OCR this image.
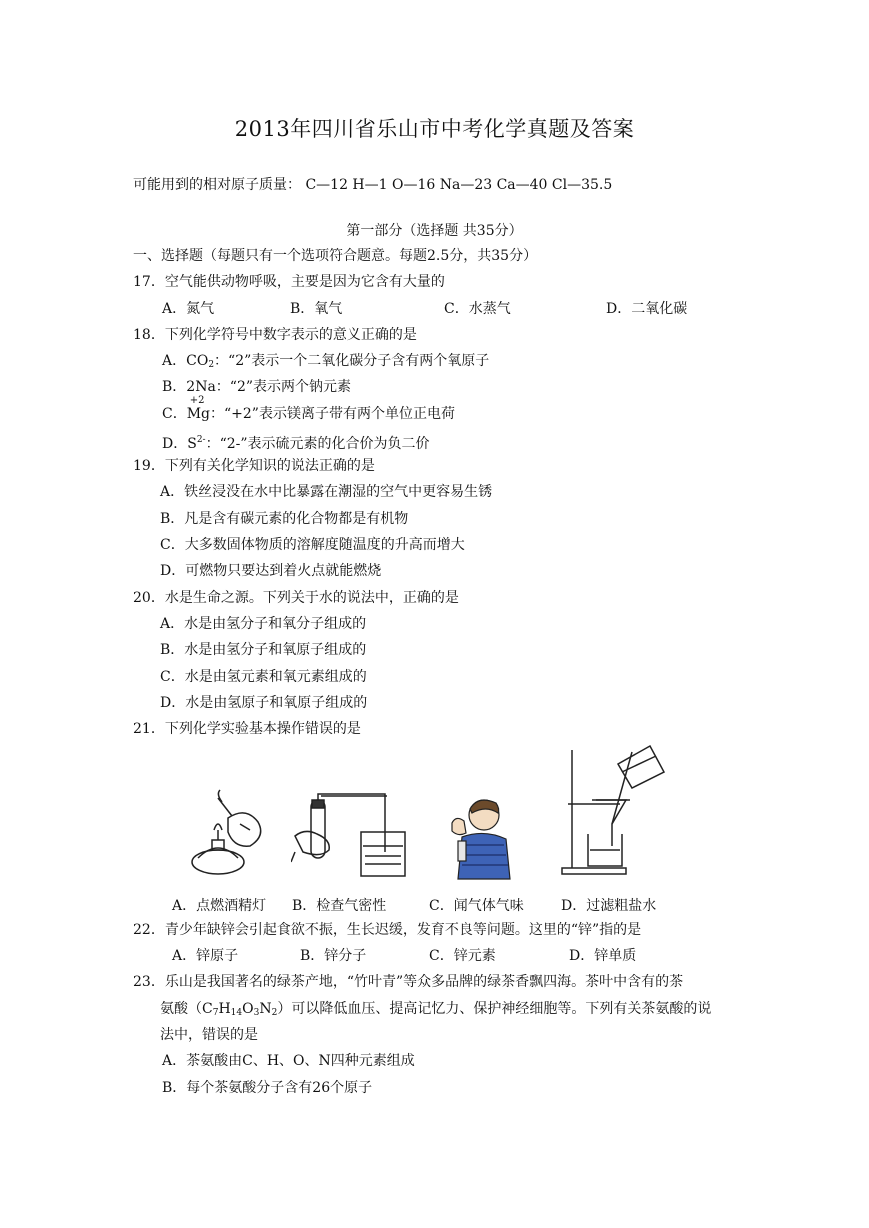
2013年四川省乐山市中考化学真题及答案
可能用到的相对原子质量： C—12 H—1 O—16 Na—23 Ca—40 Cl—35.5
第一部分（选择题 共35分）
一、选择题（每题只有一个选项符合题意。每题2.5分，共35分）
17．空气能供动物呼吸，主要是因为它含有大量的
A．氮气	B．氧气	C．水蒸气	D．二氧化碳
18．下列化学符号中数字表示的意义正确的是
A．$CO_2$：“2”表示一个二氧化碳分子含有两个氧原子
B．2Na：“2”表示两个钠元素
C．
+2
Mg：“+2”表示镁离子带有两个单位正电荷
D．$S^{2-}$：“2-”表示硫元素的化合价为负二价
19．下列有关化学知识的说法正确的是
A．铁丝浸没在水中比暴露在潮湿的空气中更容易生锈
B．凡是含有碳元素的化合物都是有机物
C．大多数固体物质的溶解度随温度的升高而增大
D．可燃物只要达到着火点就能燃烧
20．水是生命之源。下列关于水的说法中，正确的是
A．水是由氢分子和氧分子组成的
B．水是由氢分子和氧原子组成的
C．水是由氢元素和氧元素组成的
D．水是由氢原子和氧原子组成的
21．下列化学实验基本操作错误的是
A．点燃酒精灯 B．检查气密性	C．闻气体气味	D．过滤粗盐水
22．青少年缺锌会引起食欲不振，生长迟缓，发育不良等问题。这里的“锌”指的是
A．锌原子	B．锌分子	C．锌元素	D．锌单质
23．乐山是我国著名的绿茶产地，“竹叶青”等众多品牌的绿茶香飘四海。茶叶中含有的茶
氨酸$(C_7H_{14}O_3N_2)$可以降低血压、提高记忆力、保护神经细胞等。下列有关茶氨酸的说
法中，错误的是
A．茶氨酸由C、H、O、N四种元素组成
B．每个茶氨酸分子含有26个原子
